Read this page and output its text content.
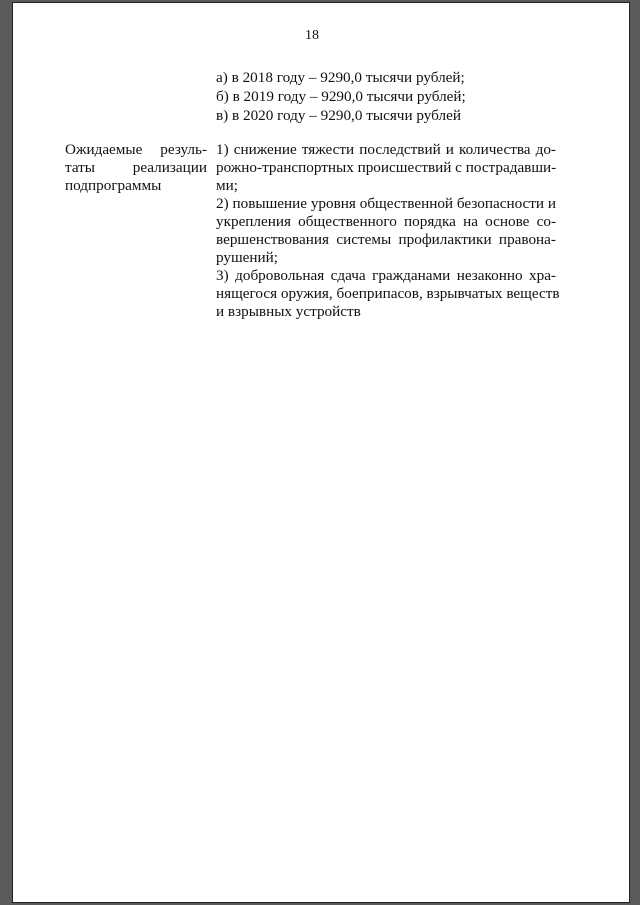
18
а) в 2018 году – 9290,0 тысячи рублей;
б) в 2019 году – 9290,0 тысячи рублей;
в) в 2020 году – 9290,0 тысячи рублей
Ожидаемые резуль-
таты реализации
подпрограммы
1) снижение тяжести последствий и количества до-
рожно-транспортных происшествий с пострадавши-
ми;
2) повышение уровня общественной безопасности и
укрепления общественного порядка на основе со-
вершенствования системы профилактики правона-
рушений;
3) добровольная сдача гражданами незаконно хра-
нящегося оружия, боеприпасов, взрывчатых веществ
и взрывных устройств
